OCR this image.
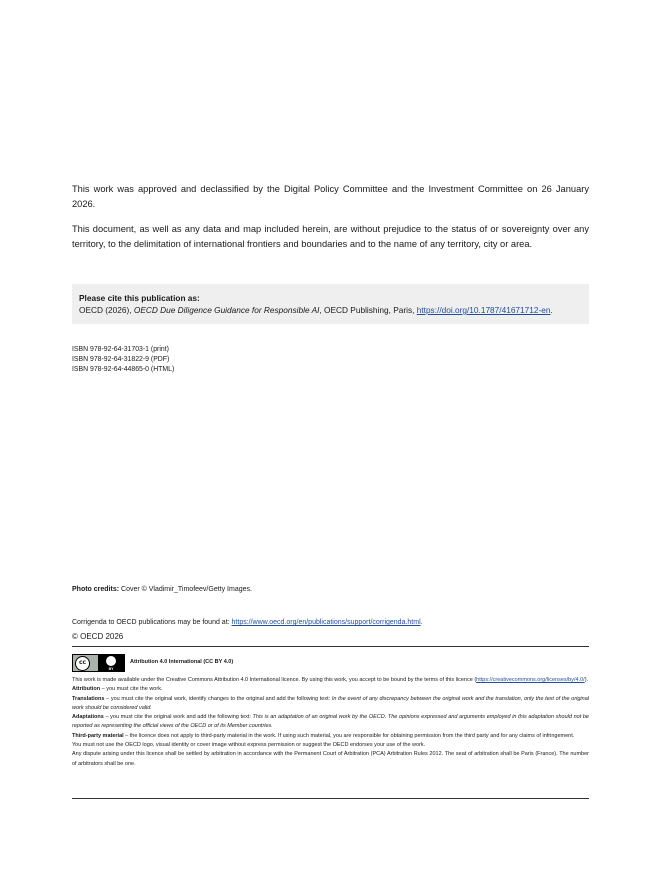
This work was approved and declassified by the Digital Policy Committee and the Investment Committee on 26 January 2026.

This document, as well as any data and map included herein, are without prejudice to the status of or sovereignty over any territory, to the delimitation of international frontiers and boundaries and to the name of any territory, city or area.

Please cite this publication as:
OECD (2026), OECD Due Diligence Guidance for Responsible AI, OECD Publishing, Paris, https://doi.org/10.1787/41671712-en.
ISBN 978-92-64-31703-1 (print)
ISBN 978-92-64-31822-9 (PDF)
ISBN 978-92-64-44865-0 (HTML)
Photo credits: Cover © Vladimir_Timofeev/Getty Images.
Corrigenda to OECD publications may be found at: https://www.oecd.org/en/publications/support/corrigenda.html.
© OECD 2026
cc
BY
Attribution 4.0 International (CC BY 4.0)

This work is made available under the Creative Commons Attribution 4.0 International licence. By using this work, you accept to be bound by the terms of this licence (https://creativecommons.org/licenses/by/4.0/).

Attribution – you must cite the work.

Translations – you must cite the original work, identify changes to the original and add the following text: In the event of any discrepancy between the original work and the translation, only the text of the original work should be considered valid.

Adaptations – you must cite the original work and add the following text: This is an adaptation of an original work by the OECD. The opinions expressed and arguments employed in this adaptation should not be reported as representing the official views of the OECD or of its Member countries.

Third-party material – the licence does not apply to third-party material in the work. If using such material, you are responsible for obtaining permission from the third party and for any claims of infringement.

You must not use the OECD logo, visual identity or cover image without express permission or suggest the OECD endorses your use of the work.

Any dispute arising under this licence shall be settled by arbitration in accordance with the Permanent Court of Arbitration (PCA) Arbitration Rules 2012. The seat of arbitration shall be Paris (France). The number of arbitrators shall be one.
